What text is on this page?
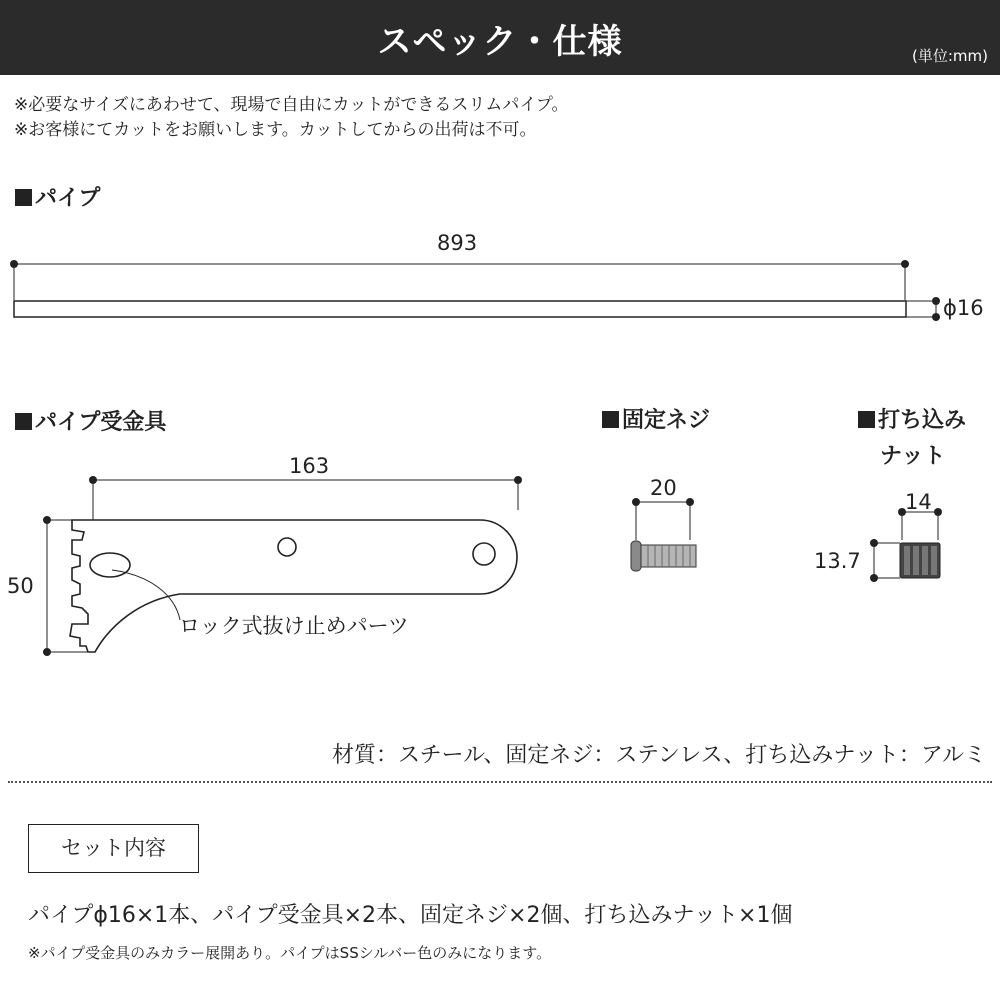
スペック・仕様	(単位:mm)
※必要なサイズにあわせて、現場で自由にカットができるスリムパイプ。
※お客様にてカットをお願いします。カットしてからの出荷は不可。
パイプ
パイプ受金具	固定ネジ	打ち込み
ナット
893
ϕ16
163
50
ロック式抜け止めパーツ
20
14
13.7
材質：スチール、固定ネジ：ステンレス、打ち込みナット：アルミ
セット内容
パイプϕ16×1本、パイプ受金具×2本、固定ネジ×2個、打ち込みナット×1個
※パイプ受金具のみカラー展開あり。パイプはSSシルバー色のみになります。
